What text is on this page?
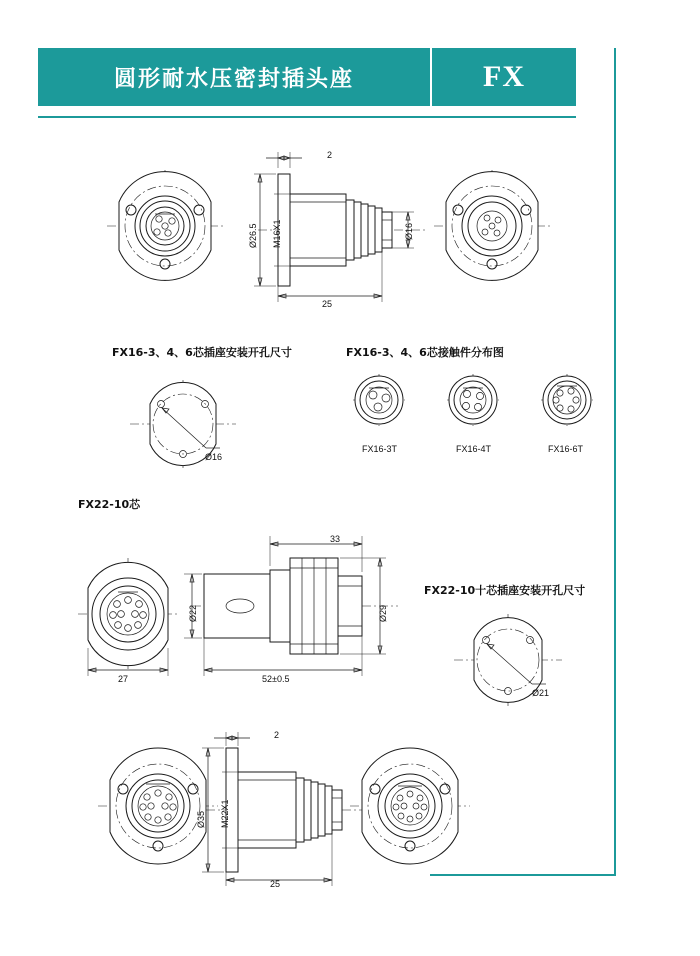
圆形耐水压密封插头座	FX
2
Ø26.5 M16X1	Ø16
25
FX16-3、4、6芯插座安装开孔尺寸	FX16-3、4、6芯接触件分布图
Ø16
FX16-3T	FX16-4T	FX16-6T
FX22-10芯
27
33
Ø22	Ø29
52±0.5
FX22-10十芯插座安装开孔尺寸
Ø21
2
Ø35 M22X1
25
